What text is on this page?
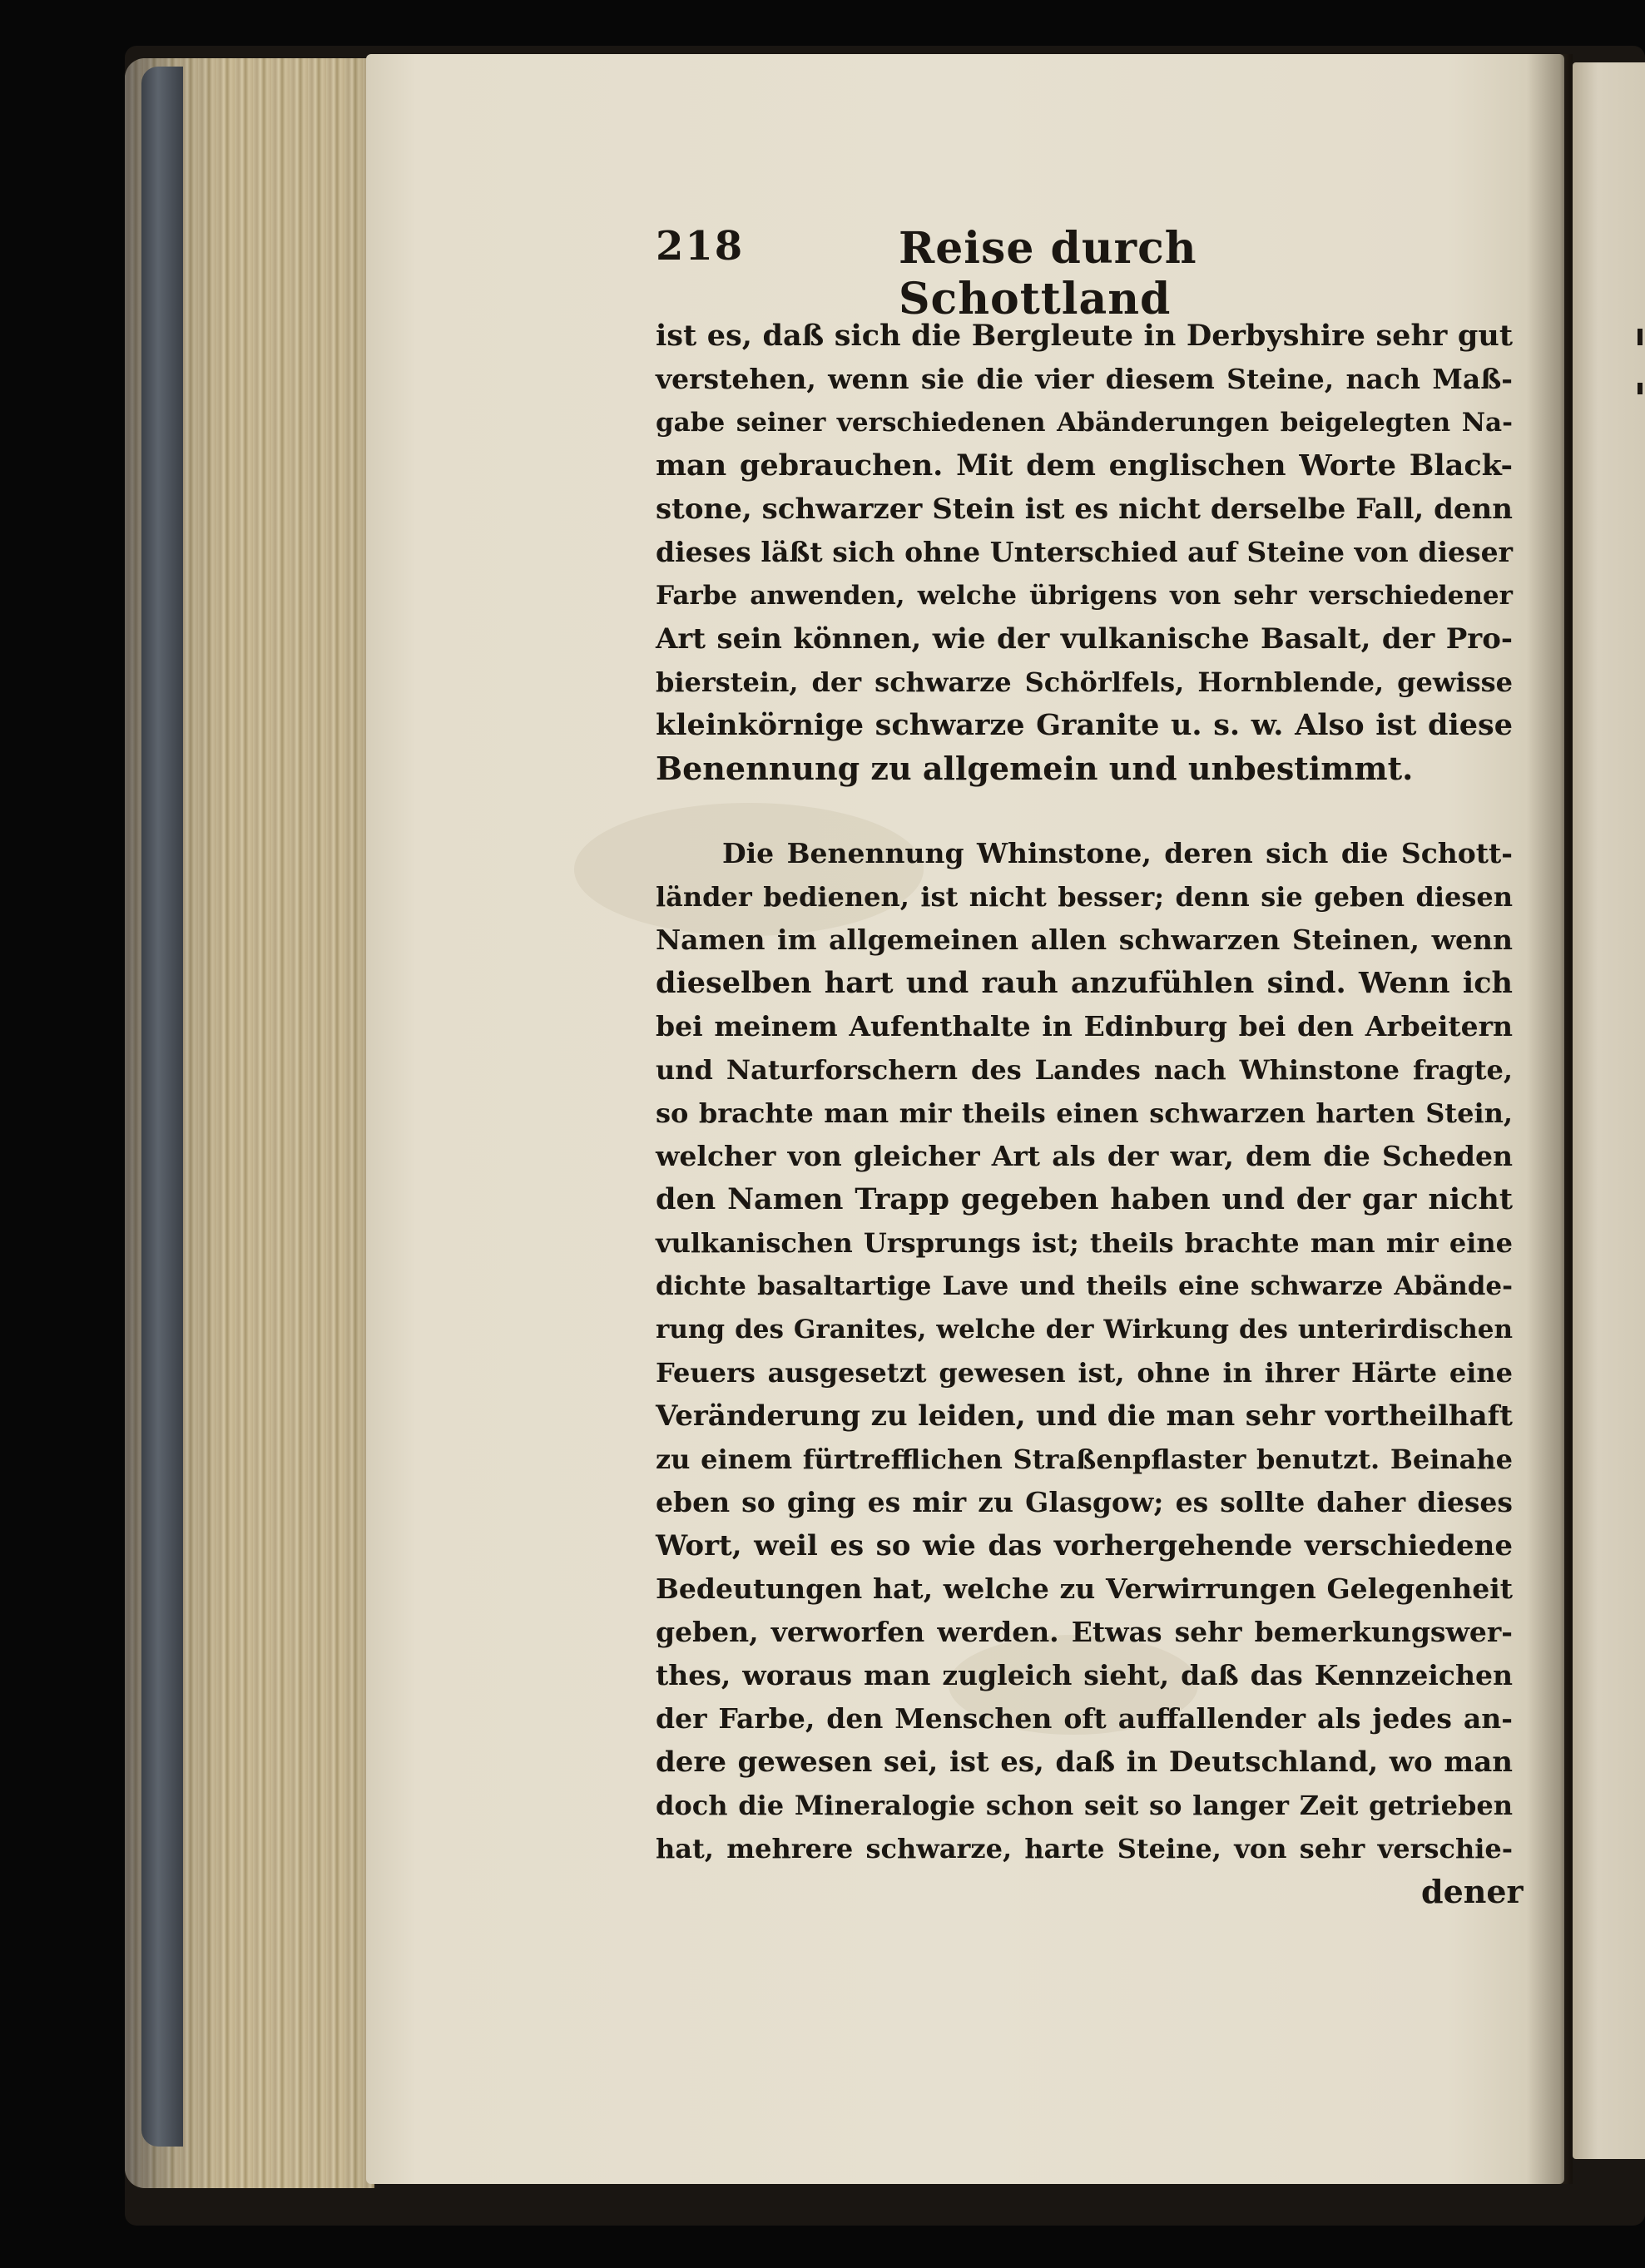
218	Reise durch Schottland
ist es, daß sich die Bergleute in Derbyshire sehr gut
verstehen, wenn sie die vier diesem Steine, nach Maß-
gabe seiner verschiedenen Abänderungen beigelegten Na-
man gebrauchen. Mit dem englischen Worte Black-
stone, schwarzer Stein ist es nicht derselbe Fall, denn
dieses läßt sich ohne Unterschied auf Steine von dieser
Farbe anwenden, welche übrigens von sehr verschiedener
Art sein können, wie der vulkanische Basalt, der Pro-
bierstein, der schwarze Schörlfels, Hornblende, gewisse
kleinkörnige schwarze Granite u. s. w. Also ist diese
Benennung zu allgemein und unbestimmt.
Die Benennung Whinstone, deren sich die Schott-
länder bedienen, ist nicht besser; denn sie geben diesen
Namen im allgemeinen allen schwarzen Steinen, wenn
dieselben hart und rauh anzufühlen sind. Wenn ich
bei meinem Aufenthalte in Edinburg bei den Arbeitern
und Naturforschern des Landes nach Whinstone fragte,
so brachte man mir theils einen schwarzen harten Stein,
welcher von gleicher Art als der war, dem die Scheden
den Namen Trapp gegeben haben und der gar nicht
vulkanischen Ursprungs ist; theils brachte man mir eine
dichte basaltartige Lave und theils eine schwarze Abände-
rung des Granites, welche der Wirkung des unterirdischen
Feuers ausgesetzt gewesen ist, ohne in ihrer Härte eine
Veränderung zu leiden, und die man sehr vortheilhaft
zu einem fürtrefflichen Straßenpflaster benutzt. Beinahe
eben so ging es mir zu Glasgow; es sollte daher dieses
Wort, weil es so wie das vorhergehende verschiedene
Bedeutungen hat, welche zu Verwirrungen Gelegenheit
geben, verworfen werden. Etwas sehr bemerkungswer-
thes, woraus man zugleich sieht, daß das Kennzeichen
der Farbe, den Menschen oft auffallender als jedes an-
dere gewesen sei, ist es, daß in Deutschland, wo man
doch die Mineralogie schon seit so langer Zeit getrieben
hat, mehrere schwarze, harte Steine, von sehr verschie-
dener
